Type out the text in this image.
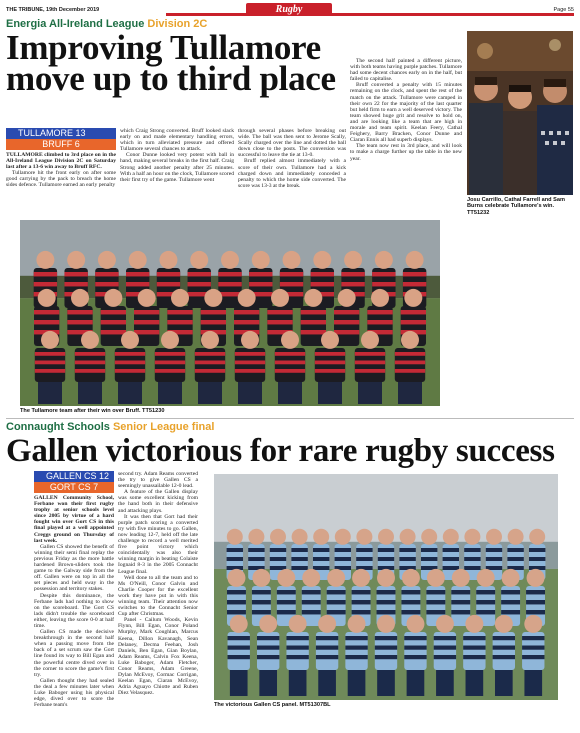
THE TRIBUNE, 19th December 2019	Rugby	Page 55
Energia All-Ireland League Division 2C
Improving Tullamore
move up to third place
TULLAMORE 13
BRUFF 6

TULLAMORE climbed to 3rd place on in the All-Ireland League Division 2C on Saturday last after a 13-6 win away to Bruff RFC.

Tullamore hit the front early on after some good carrying by the pack to breach the home sides defence. Tullamore earned an early penalty

which Craig Strong converted. Bruff looked slack early on and made elementary handling errors, which in turn alleviated pressure and offered Tullamore several chances to attack.

Conor Dunne looked very potent with ball in hand, making several breaks in the first half. Craig Strong added another penalty after 25 minutes. With a half an hour on the clock, Tullamore scored their first try of the game. Tullamore went

through several phases before breaking out wide. The ball was then sent to Jerome Scally, Scally charged over the line and dotted the ball down close to the posts. The conversion was successful to leave the tie at 13-0.

Bruff replied almost immediately with a score of their own. Tullamore had a kick charged down and immediately conceded a penalty to which the home side converted. The score was 13-3 at the break.

The second half painted a different picture, with both teams having purple patches. Tullamore had some decent chances early on in the half, but failed to capitalise.

Bruff converted a penalty with 15 minutes remaining on the clock, and spent the rest of the match on the attack. Tullamore were camped in their own 22 for the majority of the last quarter but held firm to earn a well deserved victory. The team showed huge grit and resolve to hold on, and are looking like a team that are high in morale and team spirit. Keelan Feery, Cathal Feighery, Barry Bracken, Conor Dunne and Ciaran Ennis all had superb displays.

The team now rest in 3rd place, and will look to make a charge further up the table in the new year.

Josu Carrillo, Cathal Farrell and Sam Burns celebrate Tullamore's win. TT51232
The Tullamore team after their win over Bruff. TT51230
Connaught Schools Senior League final
Gallen victorious for rare rugby success
GALLEN CS 12
GORT CS 7

GALLEN Community School, Ferbane won their first rugby trophy at senior schools level since 2005 by virtue of a hard fought win over Gort CS in this final played at a well appointed Creggs ground on Thursday of last week.

Gallen CS showed the benefit of winning their semi final replay the previous Friday as the more battle hardened Brown-sliders took the game to the Galway side from the off. Gallen were on top in all the set pieces and held sway in the possession and territory stakes.

Despite this dominance, the Ferbane lads had nothing to show on the scoreboard. The Gort CS lads didn't trouble the scoreboard either, leaving the score 0-0 at half time.

Gallen CS made the decisive breakthrough in the second half when a passing move from the back of a set scrum saw the Gort line found its way to Bill Egan and the powerful centre dived over in the corner to score the game's first try.

Gallen thought they had sealed the deal a few minutes later when Luke Baboger using his physical edge, dived over to score the Ferbane team's

second try. Adam Reams converted the try to give Gallen CS a seemingly unassailable 12-0 lead.

A feature of the Gallen display was some excellent kicking from the hand both in their defensive and attacking plays.

It was then that Gort had their purple patch scoring a converted try with five minutes to go. Gallen, now leading 12-7, held off the late challenge to record a well merited five point victory which coincidentally was also their winning margin in beating Colaiste Iognaid 8-3 in the 2005 Connacht League final.

Well done to all the team and to Ms O'Neill, Conor Galvin and Charlie Cooper for the excellent work they have put in with this winning team. Their attention now switches to the Connacht Senior Cup after Christmas.

Panel - Cailum Woods, Kevin Flynn, Bill Egan, Conor Poland Murphy, Mark Coughlan, Marcus Keena, Dillon Kavanagh, Sean Delaney, Decma Feehan, Josh Daniels, Ben Egan, Gian Boylan, Adam Reams, Calvin Fox Keena, Luke Baboger, Adam Fletcher, Conor Reams, Adam Greene, Dylan McEvoy, Cormac Corrigan, Keelan Egan, Ciaran McEvoy, Adria Aguayo Chiotte and Ruben Diez Velasquez.

The victorious Gallen CS panel. MT51307BL
